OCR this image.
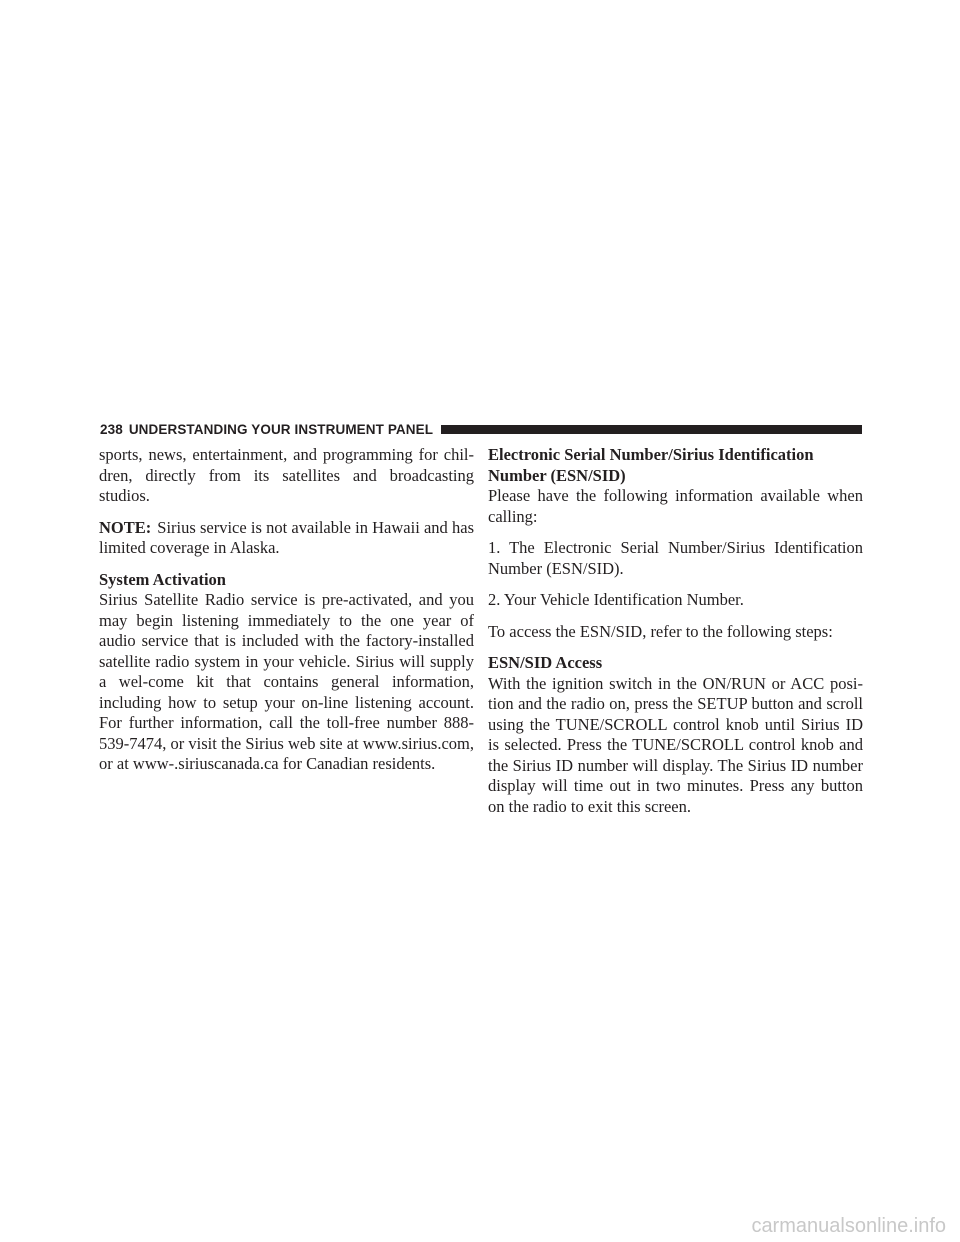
238 UNDERSTANDING YOUR INSTRUMENT PANEL

sports, news, entertainment, and programming for chil-dren, directly from its satellites and broadcasting studios.

NOTE: Sirius service is not available in Hawaii and has limited coverage in Alaska.

System Activation

Sirius Satellite Radio service is pre-activated, and you may begin listening immediately to the one year of audio service that is included with the factory-installed satellite radio system in your vehicle. Sirius will supply a wel-come kit that contains general information, including how to setup your on-line listening account. For further information, call the toll-free number 888-539-7474, or visit the Sirius web site at www.sirius.com, or at www-.siriuscanada.ca for Canadian residents.

Electronic Serial Number/Sirius Identification Number (ESN/SID)

Please have the following information available when calling:

1. The Electronic Serial Number/Sirius Identification Number (ESN/SID).

2. Your Vehicle Identification Number.

To access the ESN/SID, refer to the following steps:

ESN/SID Access

With the ignition switch in the ON/RUN or ACC posi-tion and the radio on, press the SETUP button and scroll using the TUNE/SCROLL control knob until Sirius ID is selected. Press the TUNE/SCROLL control knob and the Sirius ID number will display. The Sirius ID number display will time out in two minutes. Press any button on the radio to exit this screen.

carmanualsonline.info
